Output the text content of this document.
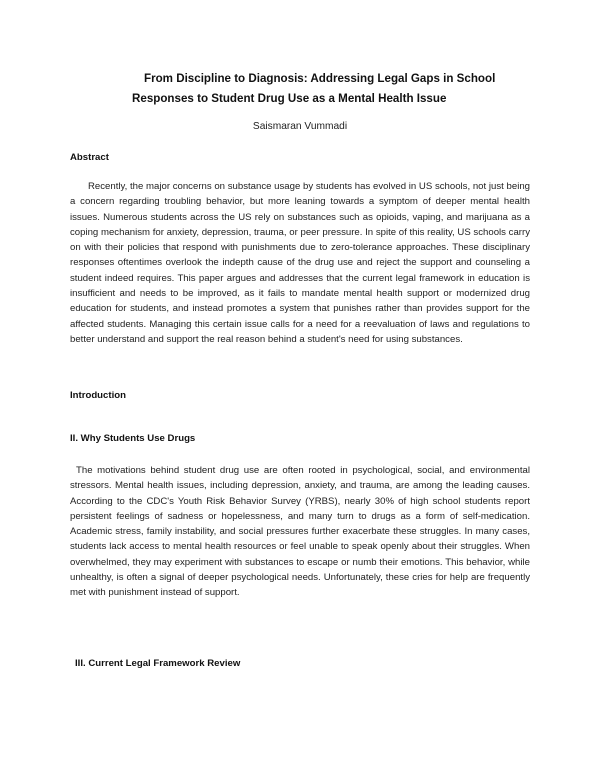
From Discipline to Diagnosis: Addressing Legal Gaps in School
Responses to Student Drug Use as a Mental Health Issue
Saismaran Vummadi
Abstract
Recently, the major concerns on substance usage by students has evolved in US schools, not just being a concern regarding troubling behavior, but more leaning towards a symptom of deeper mental health issues. Numerous students across the US rely on substances such as opioids, vaping, and marijuana as a coping mechanism for anxiety, depression, trauma, or peer pressure. In spite of this reality, US schools carry on with their policies that respond with punishments due to zero-tolerance approaches. These disciplinary responses oftentimes overlook the indepth cause of the drug use and reject the support and counseling a student indeed requires. This paper argues and addresses that the current legal framework in education is insufficient and needs to be improved, as it fails to mandate mental health support or modernized drug education for students, and instead promotes a system that punishes rather than provides support for the affected students. Managing this certain issue calls for a need for a reevaluation of laws and regulations to better understand and support the real reason behind a student's need for using substances.
Introduction
II. Why Students Use Drugs
The motivations behind student drug use are often rooted in psychological, social, and environmental stressors. Mental health issues, including depression, anxiety, and trauma, are among the leading causes. According to the CDC's Youth Risk Behavior Survey (YRBS), nearly 30% of high school students report persistent feelings of sadness or hopelessness, and many turn to drugs as a form of self-medication. Academic stress, family instability, and social pressures further exacerbate these struggles. In many cases, students lack access to mental health resources or feel unable to speak openly about their struggles. When overwhelmed, they may experiment with substances to escape or numb their emotions. This behavior, while unhealthy, is often a signal of deeper psychological needs. Unfortunately, these cries for help are frequently met with punishment instead of support.
III. Current Legal Framework Review
